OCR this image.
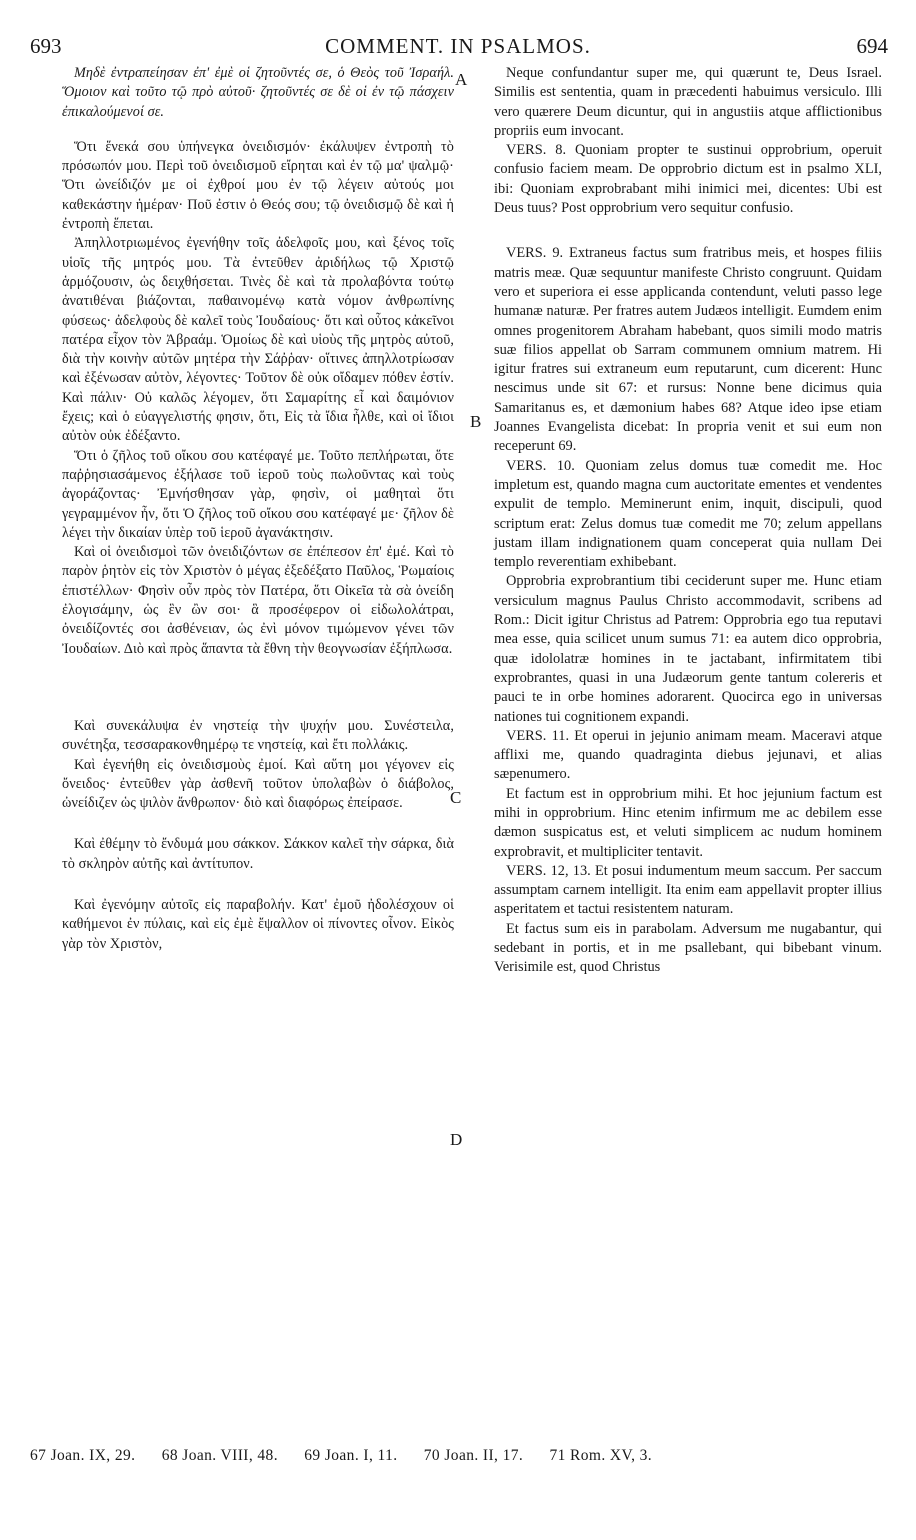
693	COMMENT. IN PSALMOS.	694

Μηδὲ ἐντραπείησαν ἐπ' ἐμὲ οἱ ζητοῦντές σε, ὁ Θεὸς τοῦ Ἰσραήλ. Ὅμοιον καὶ τοῦτο τῷ πρὸ αὐτοῦ· ζητοῦντές σε δὲ οἱ ἐν τῷ πάσχειν ἐπικαλούμενοί σε.

Ὅτι ἕνεκά σου ὑπήνεγκα ὀνειδισμόν· ἐκάλυψεν ἐντροπὴ τὸ πρόσωπόν μου. Περὶ τοῦ ὀνειδισμοῦ εἴρηται καὶ ἐν τῷ μα' ψαλμῷ· Ὅτι ὠνείδιζόν με οἱ ἐχθροί μου ἐν τῷ λέγειν αὐτούς μοι καθεκάστην ἡμέραν· Ποῦ ἐστιν ὁ Θεός σου; τῷ ὀνειδισμῷ δὲ καὶ ἡ ἐντροπὴ ἕπεται.

Ἀπηλλοτριωμένος ἐγενήθην τοῖς ἀδελφοῖς μου, καὶ ξένος τοῖς υἱοῖς τῆς μητρός μου. Τὰ ἐντεῦθεν ἀριδήλως τῷ Χριστῷ ἁρμόζουσιν, ὡς δειχθήσεται. Τινὲς δὲ καὶ τὰ προλαβόντα τούτῳ ἀνατιθέναι βιάζονται, παθαινομένῳ κατὰ νόμον ἀνθρωπίνης φύσεως· ἀδελφοὺς δὲ καλεῖ τοὺς Ἰουδαίους· ὅτι καὶ οὗτος κἀκεῖνοι πατέρα εἶχον τὸν Ἀβραάμ. Ὁμοίως δὲ καὶ υἱοὺς τῆς μητρὸς αὐτοῦ, διὰ τὴν κοινὴν αὐτῶν μητέρα τὴν Σάῤῥαν· οἵτινες ἀπηλλοτρίωσαν καὶ ἐξένωσαν αὐτὸν, λέγοντες· Τοῦτον δὲ οὐκ οἴδαμεν πόθεν ἐστίν. Καὶ πάλιν· Οὐ καλῶς λέγομεν, ὅτι Σαμαρίτης εἶ καὶ δαιμόνιον ἔχεις; καὶ ὁ εὐαγγελιστής φησιν, ὅτι, Εἰς τὰ ἴδια ἦλθε, καὶ οἱ ἴδιοι αὐτὸν οὐκ ἐδέξαντο.

Ὅτι ὁ ζῆλος τοῦ οἴκου σου κατέφαγέ με. Τοῦτο πεπλήρωται, ὅτε παῤῥησιασάμενος ἐξήλασε τοῦ ἱεροῦ τοὺς πωλοῦντας καὶ τοὺς ἀγοράζοντας· Ἐμνήσθησαν γὰρ, φησὶν, οἱ μαθηταὶ ὅτι γεγραμμένον ἦν, ὅτι Ὁ ζῆλος τοῦ οἴκου σου κατέφαγέ με· ζῆλον δὲ λέγει τὴν δικαίαν ὑπὲρ τοῦ ἱεροῦ ἀγανάκτησιν.

Καὶ οἱ ὀνειδισμοὶ τῶν ὀνειδιζόντων σε ἐπέπεσον ἐπ' ἐμέ. Καὶ τὸ παρὸν ῥητὸν εἰς τὸν Χριστὸν ὁ μέγας ἐξεδέξατο Παῦλος, Ῥωμαίοις ἐπιστέλλων· Φησὶν οὖν πρὸς τὸν Πατέρα, ὅτι Οἰκεῖα τὰ σὰ ὀνείδη ἐλογισάμην, ὡς ἓν ὢν σοι· ἃ προσέφερον οἱ εἰδωλολάτραι, ὀνειδίζοντές σοι ἀσθένειαν, ὡς ἐνὶ μόνον τιμώμενον γένει τῶν Ἰουδαίων. Διὸ καὶ πρὸς ἅπαντα τὰ ἔθνη τὴν θεογνωσίαν ἐξήπλωσα.

Καὶ συνεκάλυψα ἐν νηστείᾳ τὴν ψυχήν μου. Συνέστειλα, συνέτηξα, τεσσαρακονθημέρῳ τε νηστείᾳ, καὶ ἔτι πολλάκις.

Καὶ ἐγενήθη εἰς ὀνειδισμοὺς ἐμοί. Καὶ αὕτη μοι γέγονεν εἰς ὄνειδος· ἐντεῦθεν γὰρ ἀσθενῆ τοῦτον ὑπολαβὼν ὁ διάβολος, ὠνείδιζεν ὡς ψιλὸν ἄνθρωπον· διὸ καὶ διαφόρως ἐπείρασε.

Καὶ ἐθέμην τὸ ἔνδυμά μου σάκκον. Σάκκον καλεῖ τὴν σάρκα, διὰ τὸ σκληρὸν αὐτῆς καὶ ἀντίτυπον.

Καὶ ἐγενόμην αὐτοῖς εἰς παραβολήν. Κατ' ἐμοῦ ἠδολέσχουν οἱ καθήμενοι ἐν πύλαις, καὶ εἰς ἐμὲ ἔψαλλον οἱ πίνοντες οἶνον. Εἰκὸς γὰρ τὸν Χριστὸν,

A
B
C
D

Neque confundantur super me, qui quærunt te, Deus Israel. Similis est sententia, quam in præcedenti habuimus versiculo. Illi vero quærere Deum dicuntur, qui in angustiis atque afflictionibus propriis eum invocant.

VERS. 8. Quoniam propter te sustinui opprobrium, operuit confusio faciem meam. De opprobrio dictum est in psalmo XLI, ibi: Quoniam exprobrabant mihi inimici mei, dicentes: Ubi est Deus tuus? Post opprobrium vero sequitur confusio.

VERS. 9. Extraneus factus sum fratribus meis, et hospes filiis matris meæ. Quæ sequuntur manifeste Christo congruunt. Quidam vero et superiora ei esse applicanda contendunt, veluti passo lege humanæ naturæ. Per fratres autem Judæos intelligit. Eumdem enim omnes progenitorem Abraham habebant, quos simili modo matris suæ filios appellat ob Sarram communem omnium matrem. Hi igitur fratres sui extraneum eum reputarunt, cum dicerent: Hunc nescimus unde sit 67: et rursus: Nonne bene dicimus quia Samaritanus es, et dæmonium habes 68? Atque ideo ipse etiam Joannes Evangelista dicebat: In propria venit et sui eum non receperunt 69.

VERS. 10. Quoniam zelus domus tuæ comedit me. Hoc impletum est, quando magna cum auctoritate ementes et vendentes expulit de templo. Meminerunt enim, inquit, discipuli, quod scriptum erat: Zelus domus tuæ comedit me 70; zelum appellans justam illam indignationem quam conceperat quia nullam Dei templo reverentiam exhibebant.

Opprobria exprobrantium tibi ceciderunt super me. Hunc etiam versiculum magnus Paulus Christo accommodavit, scribens ad Rom.: Dicit igitur Christus ad Patrem: Opprobria ego tua reputavi mea esse, quia scilicet unum sumus 71: ea autem dico opprobria, quæ idololatræ homines in te jactabant, infirmitatem tibi exprobrantes, quasi in una Judæorum gente tantum colereris et pauci te in orbe homines adorarent. Quocirca ego in universas nationes tui cognitionem expandi.

VERS. 11. Et operui in jejunio animam meam. Maceravi atque afflixi me, quando quadraginta diebus jejunavi, et alias sæpenumero.

Et factum est in opprobrium mihi. Et hoc jejunium factum est mihi in opprobrium. Hinc etenim infirmum me ac debilem esse dæmon suspicatus est, et veluti simplicem ac nudum hominem exprobravit, et multipliciter tentavit.

VERS. 12, 13. Et posui indumentum meum saccum. Per saccum assumptam carnem intelligit. Ita enim eam appellavit propter illius asperitatem et tactui resistentem naturam.

Et factus sum eis in parabolam. Adversum me nugabantur, qui sedebant in portis, et in me psallebant, qui bibebant vinum. Verisimile est, quod Christus

67 Joan. IX, 29. 68 Joan. VIII, 48. 69 Joan. I, 11. 70 Joan. II, 17. 71 Rom. XV, 3.
